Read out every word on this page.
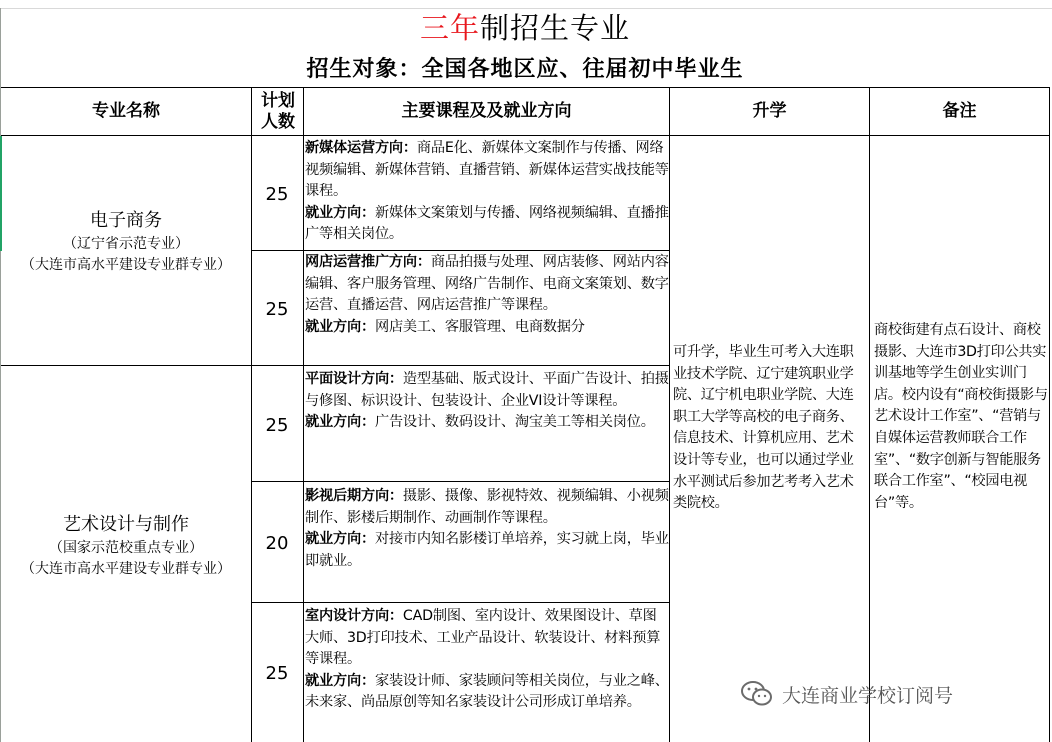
三年制招生专业
招生对象：全国各地区应、往届初中毕业生
专业名称
计划人数
主要课程及及就业方向	升学	备注
电子商务
（辽宁省示范专业）
（大连市高水平建设专业群专业）
艺术设计与制作
（国家示范校重点专业）
（大连市高水平建设专业群专业）
25
25
25
20
25
新媒体运营方向：商品E化、新媒体文案制作与传播、网络视频编辑、新媒体营销、直播营销、新媒体运营实战技能等课程。
就业方向：新媒体文案策划与传播、网络视频编辑、直播推广等相关岗位。
网店运营推广方向：商品拍摄与处理、网店装修、网站内容编辑、客户服务管理、网络广告制作、电商文案策划、数字运营、直播运营、网店运营推广等课程。
就业方向：网店美工、客服管理、电商数据分
平面设计方向：造型基础、版式设计、平面广告设计、拍摄与修图、标识设计、包装设计、企业VI设计等课程。
就业方向：广告设计、数码设计、淘宝美工等相关岗位。
影视后期方向：摄影、摄像、影视特效、视频编辑、小视频制作、影楼后期制作、动画制作等课程。
就业方向：对接市内知名影楼订单培养，实习就上岗，毕业即就业。
室内设计方向：CAD制图、室内设计、效果图设计、草图大师、3D打印技术、工业产品设计、软装设计、材料预算等课程。
就业方向：家装设计师、家装顾问等相关岗位，与业之峰、未来家、尚品原创等知名家装设计公司形成订单培养。
可升学，毕业生可考入大连职业技术学院、辽宁建筑职业学院、辽宁机电职业学院、大连职工大学等高校的电子商务、信息技术、计算机应用、艺术设计等专业，也可以通过学业水平测试后参加艺考考入艺术类院校。
商校街建有点石设计、商校摄影、大连市3D打印公共实训基地等学生创业实训门店。校内设有“商校街摄影与艺术设计工作室”、“营销与自媒体运营教师联合工作室”、“数字创新与智能服务联合工作室”、“校园电视台”等。
大连商业学校订阅号
